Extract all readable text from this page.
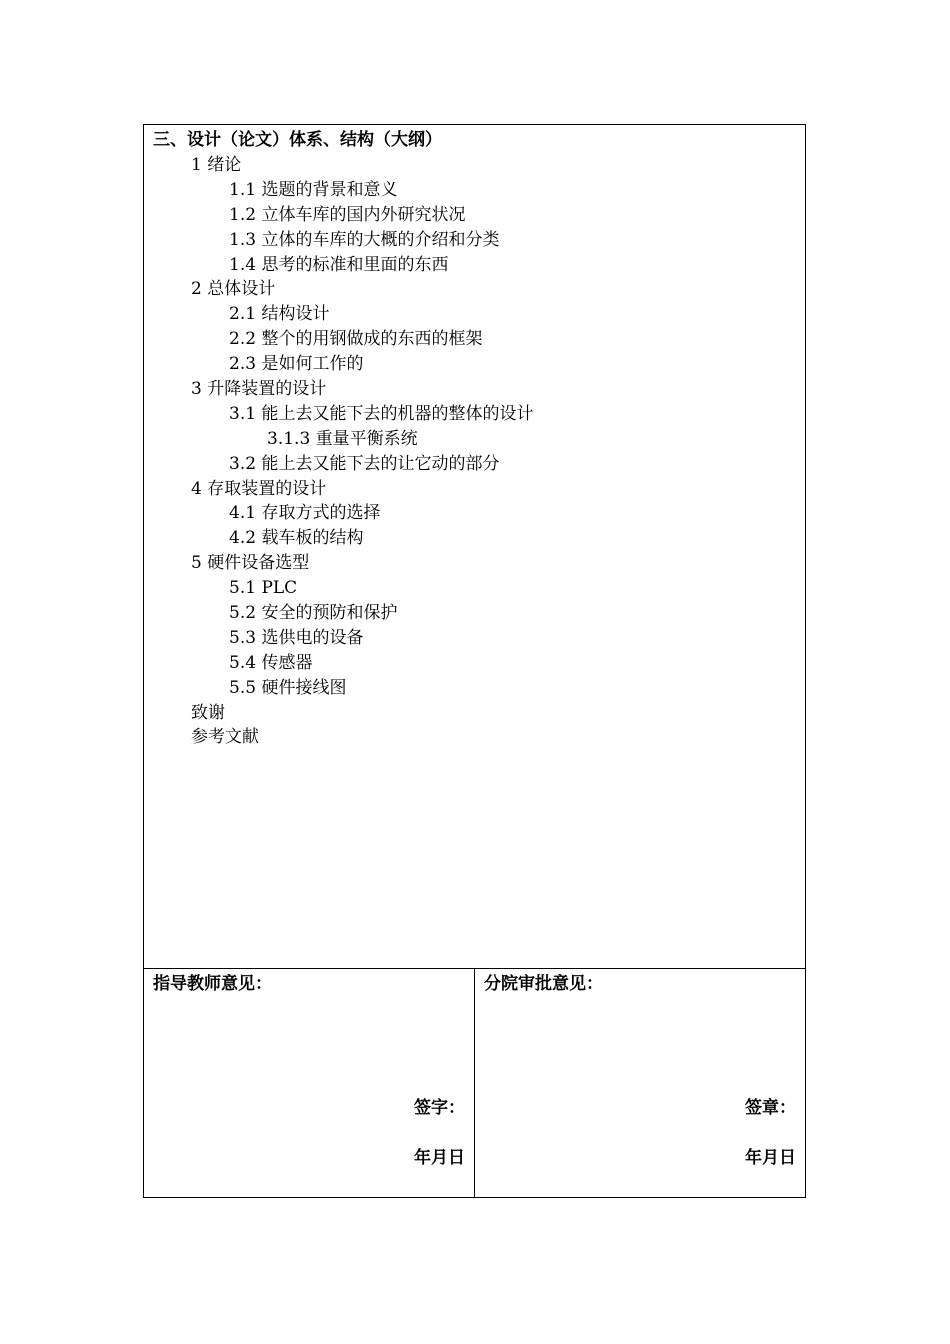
三、设计（论文）体系、结构（大纲）
1 绪论
1.1 选题的背景和意义
1.2 立体车库的国内外研究状况
1.3 立体的车库的大概的介绍和分类
1.4 思考的标准和里面的东西
2 总体设计
2.1 结构设计
2.2 整个的用钢做成的东西的框架
2.3 是如何工作的
3 升降装置的设计
3.1 能上去又能下去的机器的整体的设计
3.1.3 重量平衡系统
3.2 能上去又能下去的让它动的部分
4 存取装置的设计
4.1 存取方式的选择
4.2 载车板的结构
5 硬件设备选型
5.1 PLC
5.2 安全的预防和保护
5.3 选供电的设备
5.4 传感器
5.5 硬件接线图
致谢
参考文献
指导教师意见：
签字：
年月日
分院审批意见：
签章：
年月日
